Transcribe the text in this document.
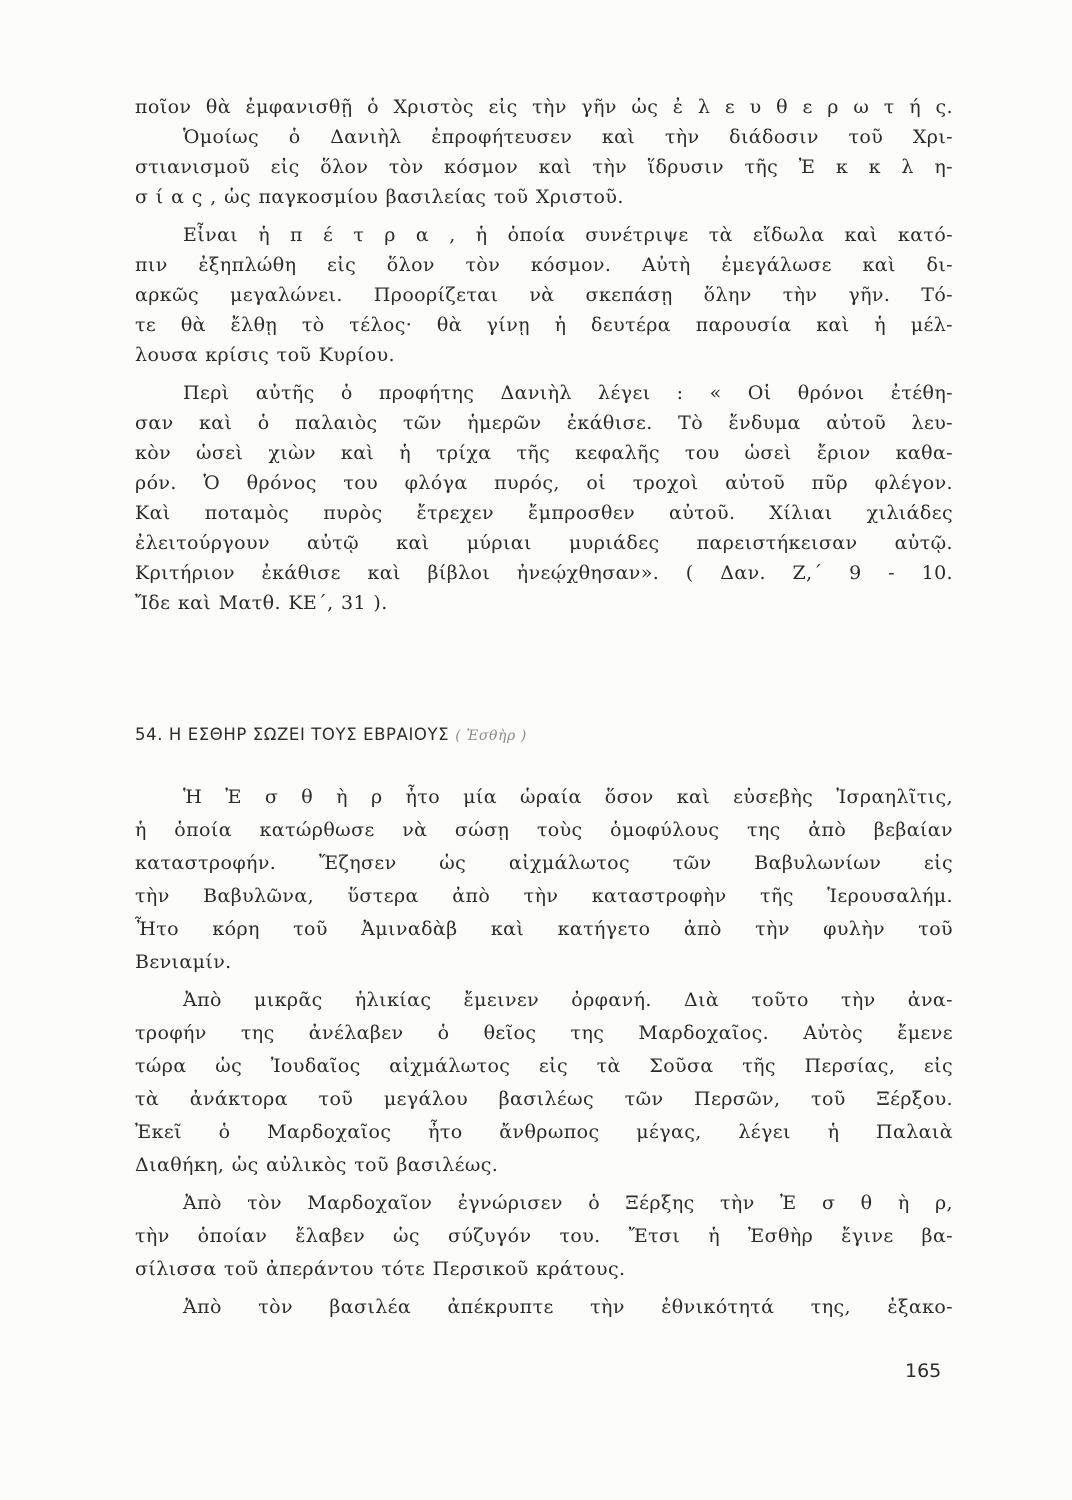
ποῖον θὰ ἐμφανισθῇ ὁ Χριστὸς εἰς τὴν γῆν ὡς ἐ λ ε υ θ ε ρ ω τ ή ς.
Ὁμοίως ὁ Δανιὴλ ἐπροφήτευσεν καὶ τὴν διάδοσιν τοῦ Χρι-
στιανισμοῦ εἰς ὅλον τὸν κόσμον καὶ τὴν ἵδρυσιν τῆς Ἐ κ κ λ η-
σ ί α ς , ὡς παγκοσμίου βασιλείας τοῦ Χριστοῦ.
Εἶναι ἡ π έ τ ρ α , ἡ ὁποία συνέτριψε τὰ εἴδωλα καὶ κατό-
πιν ἐξηπλώθη εἰς ὅλον τὸν κόσμον. Αὐτὴ ἐμεγάλωσε καὶ δι-
αρκῶς μεγαλώνει. Προορίζεται νὰ σκεπάσῃ ὅλην τὴν γῆν. Τό-
τε θὰ ἔλθῃ τὸ τέλος· θὰ γίνῃ ἡ δευτέρα παρουσία καὶ ἡ μέλ-
λουσα κρίσις τοῦ Κυρίου.
Περὶ αὐτῆς ὁ προφήτης Δανιὴλ λέγει : « Οἱ θρόνοι ἐτέθη-
σαν καὶ ὁ παλαιὸς τῶν ἡμερῶν ἐκάθισε. Τὸ ἔνδυμα αὐτοῦ λευ-
κὸν ὡσεὶ χιὼν καὶ ἡ τρίχα τῆς κεφαλῆς του ὡσεὶ ἔριον καθα-
ρόν. Ὁ θρόνος του φλόγα πυρός, οἱ τροχοὶ αὐτοῦ πῦρ φλέγον.
Καὶ ποταμὸς πυρὸς ἔτρεχεν ἔμπροσθεν αὐτοῦ. Χίλιαι χιλιάδες
ἐλειτούργουν αὐτῷ καὶ μύριαι μυριάδες παρειστήκεισαν αὐτῷ.
Κριτήριον ἐκάθισε καὶ βίβλοι ἠνεῴχθησαν». ( Δαν. Ζ,΄ 9 - 10.
Ἴδε καὶ Ματθ. ΚΕ΄, 31 ).
54. Η ΕΣΘΗΡ ΣΩΖΕΙ ΤΟΥΣ ΕΒΡΑΙΟΥΣ ( Ἐσθὴρ )
Ἡ Ἐ σ θ ὴ ρ ἦτο μία ὡραία ὅσον καὶ εὐσεβὴς Ἰσραηλῖτις,
ἡ ὁποία κατώρθωσε νὰ σώσῃ τοὺς ὁμοφύλους της ἀπὸ βεβαίαν
καταστροφήν. Ἔζησεν ὡς αἰχμάλωτος τῶν Βαβυλωνίων εἰς
τὴν Βαβυλῶνα, ὕστερα ἀπὸ τὴν καταστροφὴν τῆς Ἱερουσαλήμ.
Ἦτο κόρη τοῦ Ἀμιναδὰβ καὶ κατήγετο ἀπὸ τὴν φυλὴν τοῦ
Βενιαμίν.
Ἀπὸ μικρᾶς ἡλικίας ἔμεινεν ὀρφανή. Διὰ τοῦτο τὴν ἀνα-
τροφήν της ἀνέλαβεν ὁ θεῖος της Μαρδοχαῖος. Αὐτὸς ἔμενε
τώρα ὡς Ἰουδαῖος αἰχμάλωτος εἰς τὰ Σοῦσα τῆς Περσίας, εἰς
τὰ ἀνάκτορα τοῦ μεγάλου βασιλέως τῶν Περσῶν, τοῦ Ξέρξου.
Ἐκεῖ ὁ Μαρδοχαῖος ἦτο ἄνθρωπος μέγας, λέγει ἡ Παλαιὰ
Διαθήκη, ὡς αὐλικὸς τοῦ βασιλέως.
Ἀπὸ τὸν Μαρδοχαῖον ἐγνώρισεν ὁ Ξέρξης τὴν Ἐ σ θ ὴ ρ,
τὴν ὁποίαν ἔλαβεν ὡς σύζυγόν του. Ἔτσι ἡ Ἐσθὴρ ἔγινε βα-
σίλισσα τοῦ ἀπεράντου τότε Περσικοῦ κράτους.
Ἀπὸ τὸν βασιλέα ἀπέκρυπτε τὴν ἐθνικότητά της, ἐξακο-
165
